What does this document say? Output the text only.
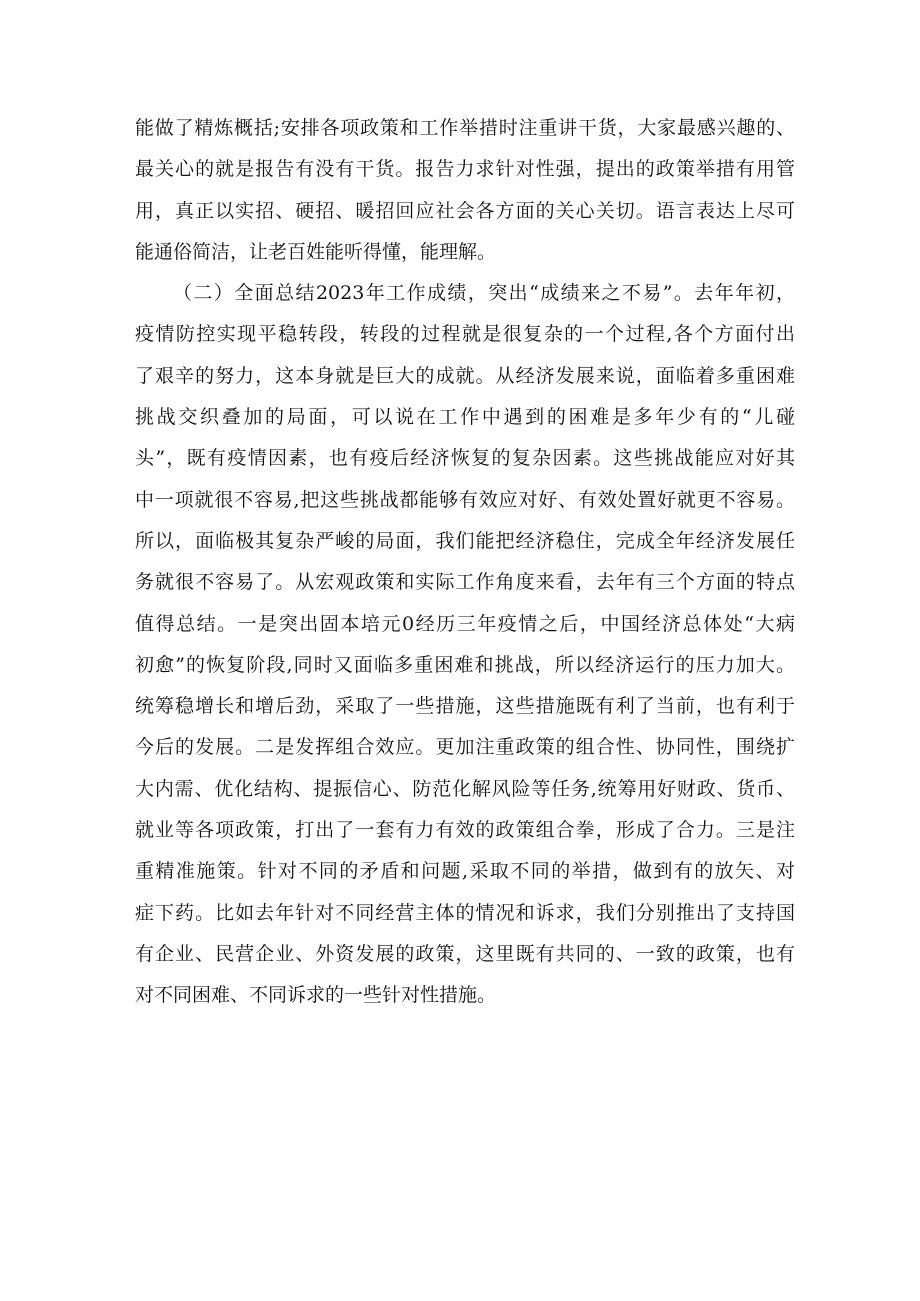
能做了精炼概括;安排各项政策和工作举措时注重讲干货，大家最感兴趣的、
最关心的就是报告有没有干货。报告力求针对性强，提出的政策举措有用管
用，真正以实招、硬招、暖招回应社会各方面的关心关切。语言表达上尽可
能通俗简洁，让老百姓能听得懂，能理解。
（二）全面总结2023年工作成绩，突出“成绩来之不易”。去年年初，
疫情防控实现平稳转段，转段的过程就是很复杂的一个过程,各个方面付出
了艰辛的努力，这本身就是巨大的成就。从经济发展来说，面临着多重困难
挑战交织叠加的局面，可以说在工作中遇到的困难是多年少有的“儿碰
头”，既有疫情因素，也有疫后经济恢复的复杂因素。这些挑战能应对好其
中一项就很不容易,把这些挑战都能够有效应对好、有效处置好就更不容易。
所以，面临极其复杂严峻的局面，我们能把经济稳住，完成全年经济发展任
务就很不容易了。从宏观政策和实际工作角度来看，去年有三个方面的特点
值得总结。一是突出固本培元0经历三年疫情之后，中国经济总体处“大病
初愈”的恢复阶段,同时又面临多重困难和挑战，所以经济运行的压力加大。
统筹稳增长和增后劲，采取了一些措施，这些措施既有利了当前，也有利于
今后的发展。二是发挥组合效应。更加注重政策的组合性、协同性，围绕扩
大内需、优化结构、提振信心、防范化解风险等任务,统筹用好财政、货币、
就业等各项政策，打出了一套有力有效的政策组合拳，形成了合力。三是注
重精准施策。针对不同的矛盾和问题,采取不同的举措，做到有的放矢、对
症下药。比如去年针对不同经营主体的情况和诉求，我们分别推出了支持国
有企业、民营企业、外资发展的政策，这里既有共同的、一致的政策，也有
对不同困难、不同诉求的一些针对性措施。
